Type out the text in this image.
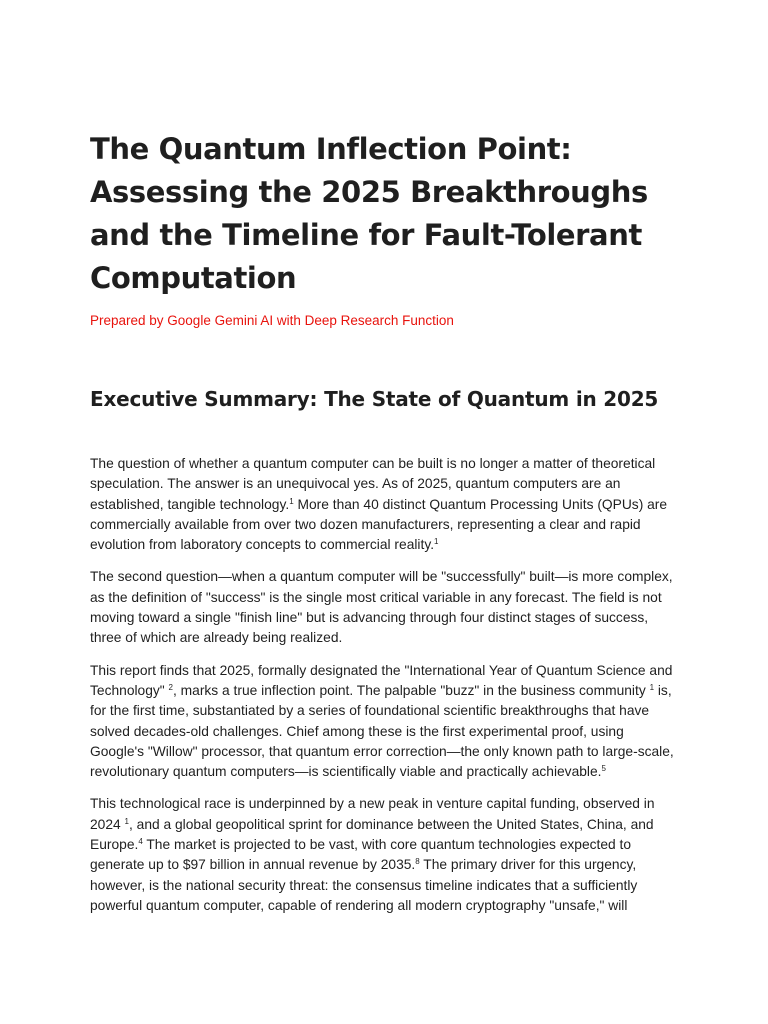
The Quantum Inflection Point: Assessing the 2025 Breakthroughs and the Timeline for Fault-Tolerant Computation

Prepared by Google Gemini AI with Deep Research Function

Executive Summary: The State of Quantum in 2025

The question of whether a quantum computer can be built is no longer a matter of theoretical speculation. The answer is an unequivocal yes. As of 2025, quantum computers are an established, tangible technology.$^1$ More than 40 distinct Quantum Processing Units (QPUs) are commercially available from over two dozen manufacturers, representing a clear and rapid evolution from laboratory concepts to commercial reality.$^1$

The second question—when a quantum computer will be "successfully" built—is more complex, as the definition of "success" is the single most critical variable in any forecast. The field is not moving toward a single "finish line" but is advancing through four distinct stages of success, three of which are already being realized.

This report finds that 2025, formally designated the "International Year of Quantum Science and Technology" $^2$, marks a true inflection point. The palpable "buzz" in the business community $^1$ is, for the first time, substantiated by a series of foundational scientific breakthroughs that have solved decades-old challenges. Chief among these is the first experimental proof, using Google's "Willow" processor, that quantum error correction—the only known path to large-scale, revolutionary quantum computers—is scientifically viable and practically achievable.$^5$

This technological race is underpinned by a new peak in venture capital funding, observed in 2024 $^1$, and a global geopolitical sprint for dominance between the United States, China, and Europe.$^4$ The market is projected to be vast, with core quantum technologies expected to generate up to $97 billion in annual revenue by 2035.$^8$ The primary driver for this urgency, however, is the national security threat: the consensus timeline indicates that a sufficiently powerful quantum computer, capable of rendering all modern cryptography "unsafe," will
